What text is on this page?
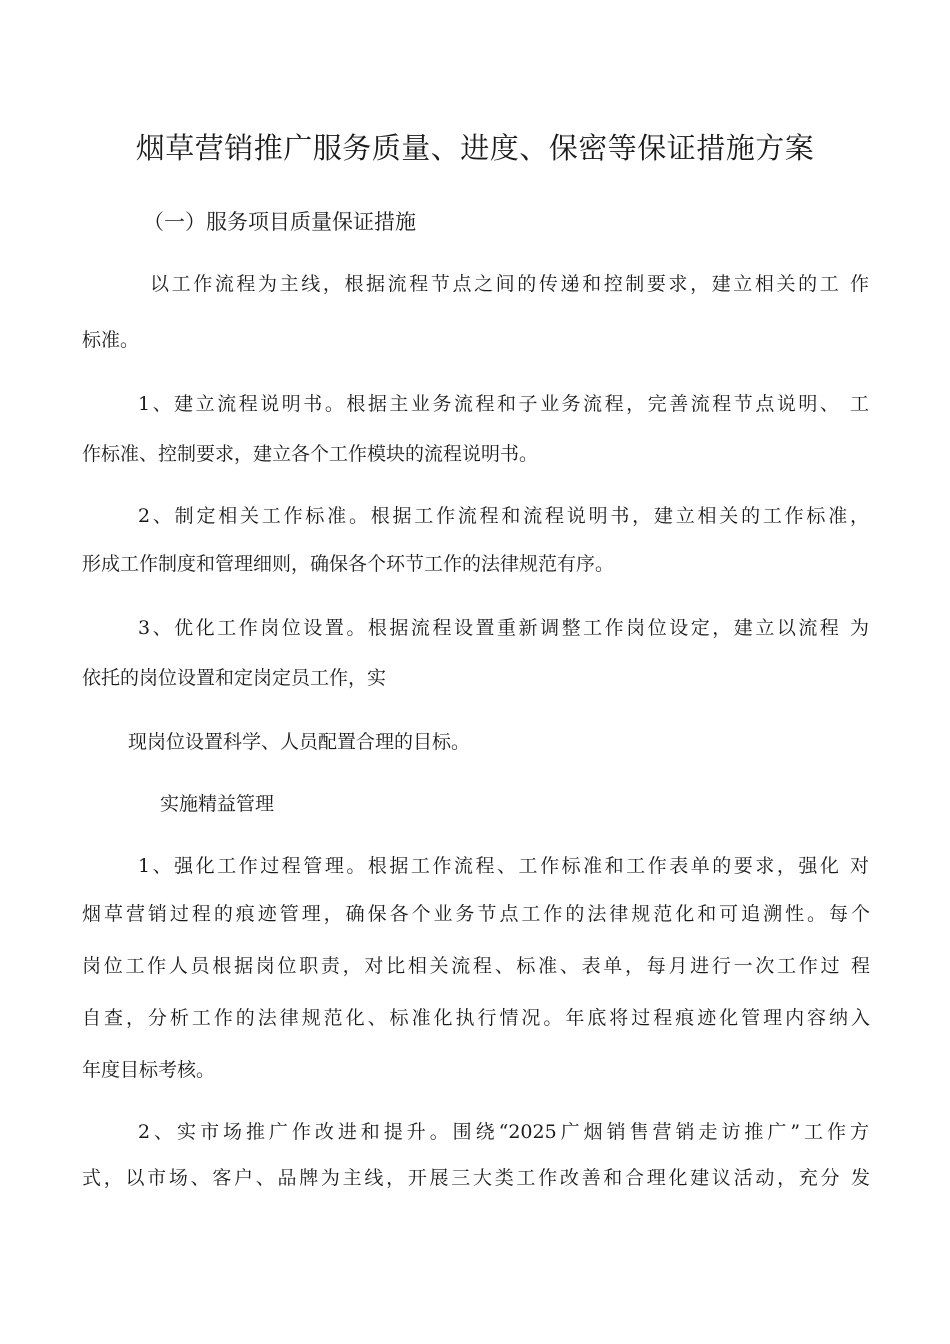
烟草营销推广服务质量、进度、保密等保证措施方案
（一）服务项目质量保证措施
以工作流程为主线，根据流程节点之间的传递和控制要求，建立相关的工 作
标准。
1、建立流程说明书。根据主业务流程和子业务流程，完善流程节点说明、 工
作标准、控制要求，建立各个工作模块的流程说明书。
2、制定相关工作标准。根据工作流程和流程说明书，建立相关的工作标准，
形成工作制度和管理细则，确保各个环节工作的法律规范有序。
3、优化工作岗位设置。根据流程设置重新调整工作岗位设定，建立以流程 为
依托的岗位设置和定岗定员工作，实
现岗位设置科学、人员配置合理的目标。
实施精益管理
1、强化工作过程管理。根据工作流程、工作标准和工作表单的要求，强化 对
烟草营销过程的痕迹管理，确保各个业务节点工作的法律规范化和可追溯性。每个
岗位工作人员根据岗位职责，对比相关流程、标准、表单，每月进行一次工作过 程
自查，分析工作的法律规范化、标准化执行情况。年底将过程痕迹化管理内容纳入
年度目标考核。
2、实市场推广作改进和提升。围绕“2025广烟销售营销走访推广”工作方
式，以市场、客户、品牌为主线，开展三大类工作改善和合理化建议活动，充分 发
